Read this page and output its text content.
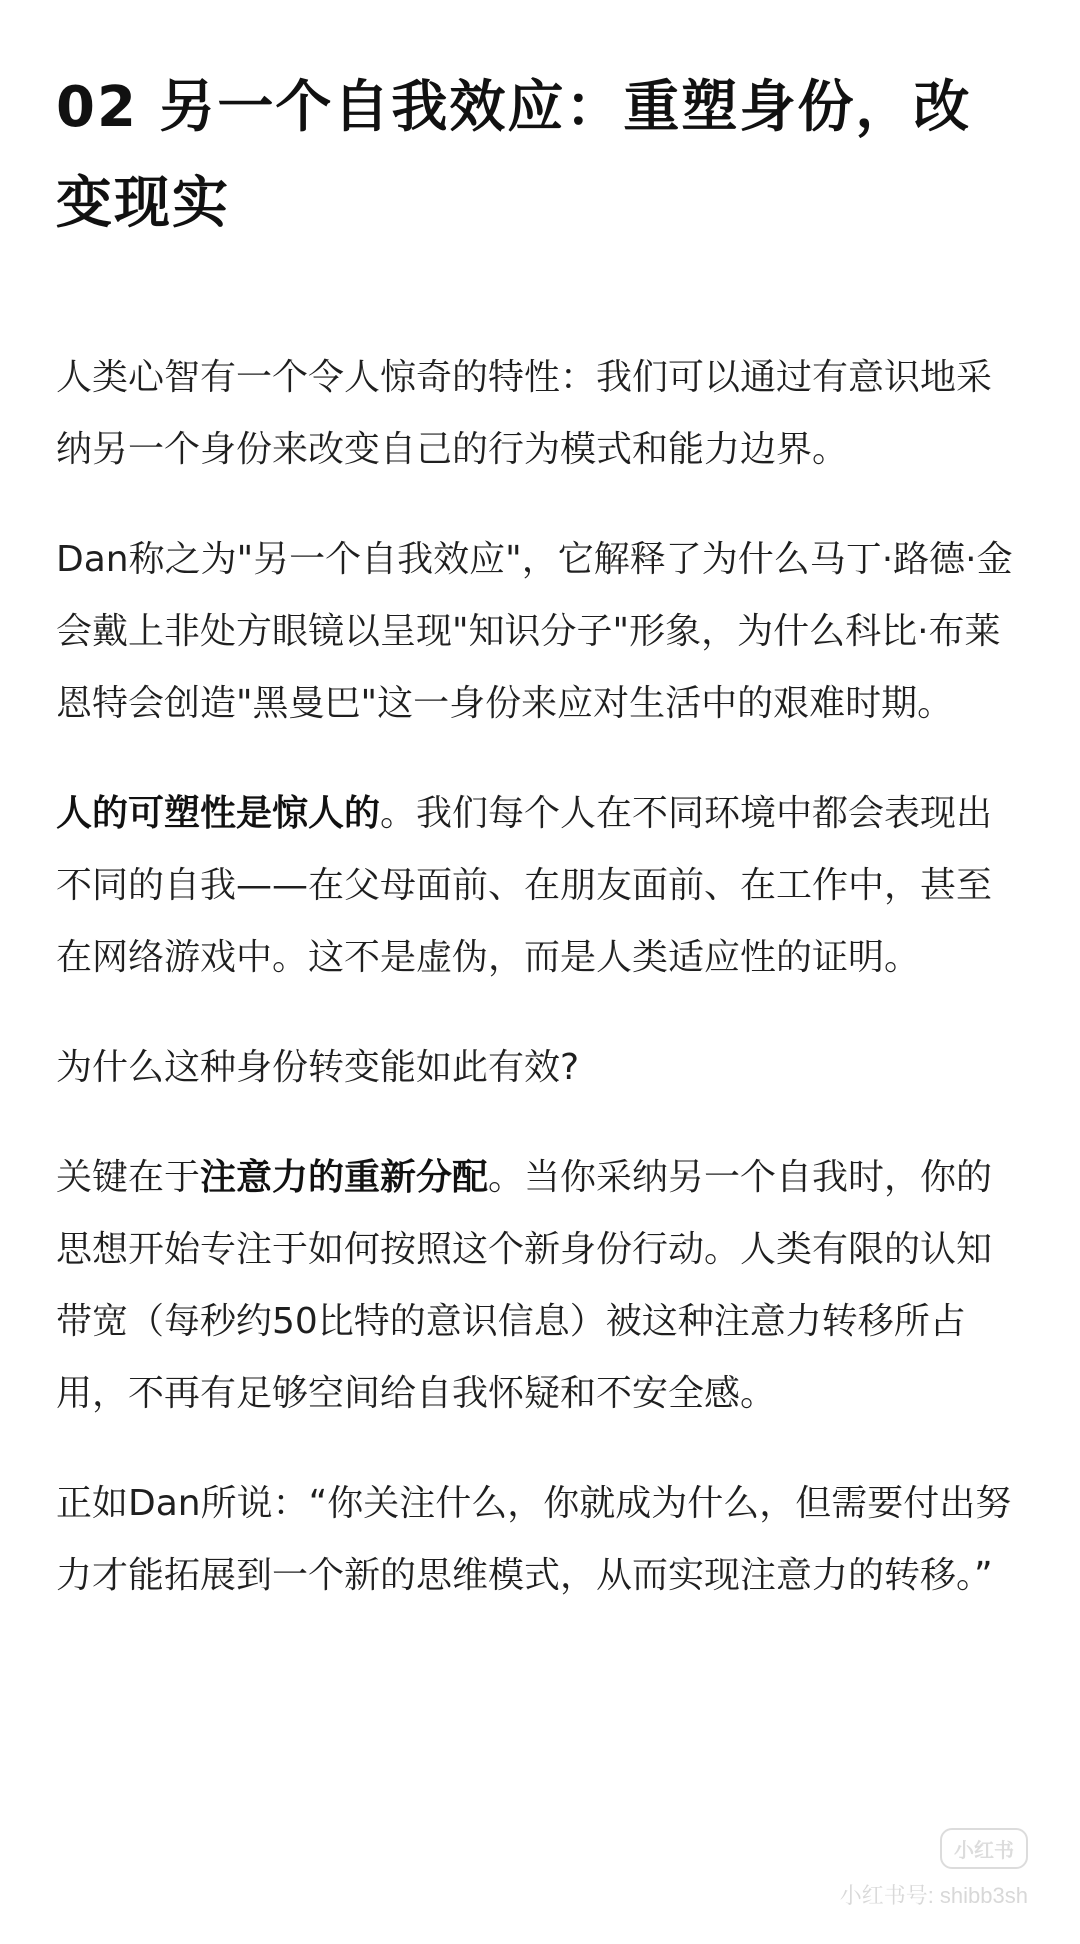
02 另一个自我效应：重塑身份，改变现实

人类心智有一个令人惊奇的特性：我们可以通过有意识地采纳另一个身份来改变自己的行为模式和能力边界。

Dan称之为"另一个自我效应"，它解释了为什么马丁·路德·金会戴上非处方眼镜以呈现"知识分子"形象，为什么科比·布莱恩特会创造"黑曼巴"这一身份来应对生活中的艰难时期。

人的可塑性是惊人的。我们每个人在不同环境中都会表现出不同的自我——在父母面前、在朋友面前、在工作中，甚至在网络游戏中。这不是虚伪，而是人类适应性的证明。

为什么这种身份转变能如此有效?

关键在于注意力的重新分配。当你采纳另一个自我时，你的思想开始专注于如何按照这个新身份行动。人类有限的认知带宽（每秒约50比特的意识信息）被这种注意力转移所占用，不再有足够空间给自我怀疑和不安全感。

正如Dan所说：“你关注什么，你就成为什么，但需要付出努力才能拓展到一个新的思维模式，从而实现注意力的转移。”

小红书
小红书号: shibb3sh
